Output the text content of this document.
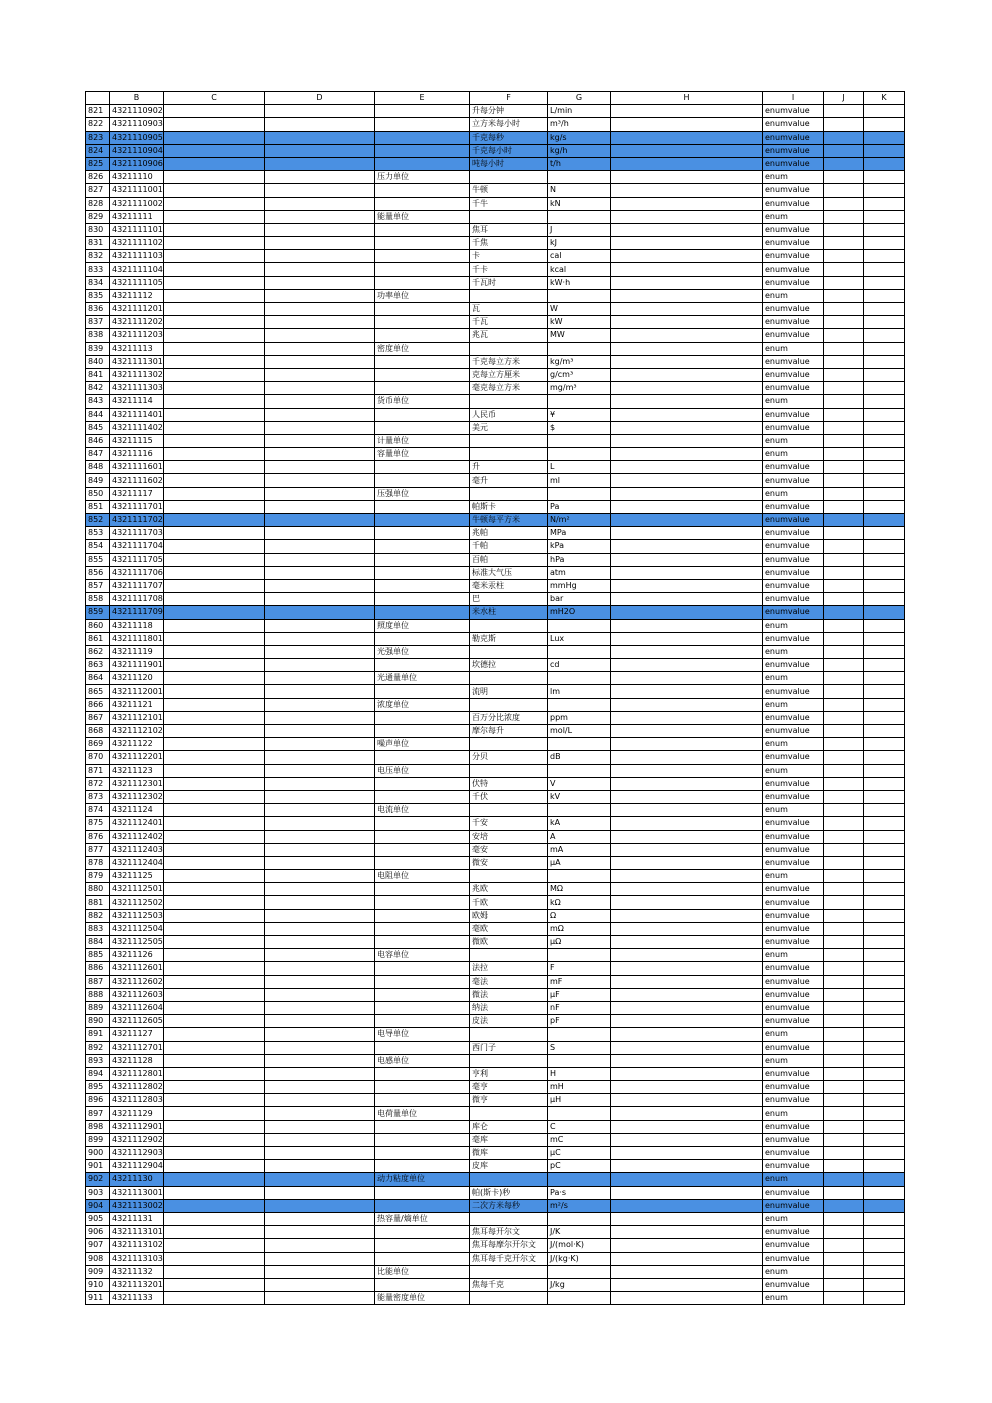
	B	C	D	E	F	G	H	I	J	K
821	4321110902				升每分钟	L/min		enumvalue		
822	4321110903				立方米每小时	m³/h		enumvalue		
823	4321110905				千克每秒	kg/s		enumvalue		
824	4321110904				千克每小时	kg/h		enumvalue		
825	4321110906				吨每小时	t/h		enumvalue		
826	43211110			压力单位				enum		
827	4321111001				牛顿	N		enumvalue		
828	4321111002				千牛	kN		enumvalue		
829	43211111			能量单位				enum		
830	4321111101				焦耳	J		enumvalue		
831	4321111102				千焦	kJ		enumvalue		
832	4321111103				卡	cal		enumvalue		
833	4321111104				千卡	kcal		enumvalue		
834	4321111105				千瓦时	kW·h		enumvalue		
835	43211112			功率单位				enum		
836	4321111201				瓦	W		enumvalue		
837	4321111202				千瓦	kW		enumvalue		
838	4321111203				兆瓦	MW		enumvalue		
839	43211113			密度单位				enum		
840	4321111301				千克每立方米	kg/m³		enumvalue		
841	4321111302				克每立方厘米	g/cm³		enumvalue		
842	4321111303				毫克每立方米	mg/m³		enumvalue		
843	43211114			货币单位				enum		
844	4321111401				人民币	¥		enumvalue		
845	4321111402				美元	$		enumvalue		
846	43211115			计量单位				enum		
847	43211116			容量单位				enum		
848	4321111601				升	L		enumvalue		
849	4321111602				毫升	ml		enumvalue		
850	43211117			压强单位				enum		
851	4321111701				帕斯卡	Pa		enumvalue		
852	4321111702				牛顿每平方米	N/m²		enumvalue		
853	4321111703				兆帕	MPa		enumvalue		
854	4321111704				千帕	kPa		enumvalue		
855	4321111705				百帕	hPa		enumvalue		
856	4321111706				标准大气压	atm		enumvalue		
857	4321111707				毫米汞柱	mmHg		enumvalue		
858	4321111708				巴	bar		enumvalue		
859	4321111709				米水柱	mH2O		enumvalue		
860	43211118			照度单位				enum		
861	4321111801				勒克斯	Lux		enumvalue		
862	43211119			光强单位				enum		
863	4321111901				坎德拉	cd		enumvalue		
864	43211120			光通量单位				enum		
865	4321112001				流明	lm		enumvalue		
866	43211121			浓度单位				enum		
867	4321112101				百万分比浓度	ppm		enumvalue		
868	4321112102				摩尔每升	mol/L		enumvalue		
869	43211122			噪声单位				enum		
870	4321112201				分贝	dB		enumvalue		
871	43211123			电压单位				enum		
872	4321112301				伏特	V		enumvalue		
873	4321112302				千伏	kV		enumvalue		
874	43211124			电流单位				enum		
875	4321112401				千安	kA		enumvalue		
876	4321112402				安培	A		enumvalue		
877	4321112403				毫安	mA		enumvalue		
878	4321112404				微安	μA		enumvalue		
879	43211125			电阻单位				enum		
880	4321112501				兆欧	MΩ		enumvalue		
881	4321112502				千欧	kΩ		enumvalue		
882	4321112503				欧姆	Ω		enumvalue		
883	4321112504				毫欧	mΩ		enumvalue		
884	4321112505				微欧	μΩ		enumvalue		
885	43211126			电容单位				enum		
886	4321112601				法拉	F		enumvalue		
887	4321112602				毫法	mF		enumvalue		
888	4321112603				微法	μF		enumvalue		
889	4321112604				纳法	nF		enumvalue		
890	4321112605				皮法	pF		enumvalue		
891	43211127			电导单位				enum		
892	4321112701				西门子	S		enumvalue		
893	43211128			电感单位				enum		
894	4321112801				亨利	H		enumvalue		
895	4321112802				毫亨	mH		enumvalue		
896	4321112803				微亨	μH		enumvalue		
897	43211129			电荷量单位				enum		
898	4321112901				库仑	C		enumvalue		
899	4321112902				毫库	mC		enumvalue		
900	4321112903				微库	μC		enumvalue		
901	4321112904				皮库	pC		enumvalue		
902	43211130			动力粘度单位				enum		
903	4321113001				帕(斯卡)秒	Pa·s		enumvalue		
904	4321113002				二次方米每秒	m²/s		enumvalue		
905	43211131			热容量/熵单位				enum		
906	4321113101				焦耳每开尔文	J/K		enumvalue		
907	4321113102				焦耳每摩尔开尔文	J/(mol·K)		enumvalue		
908	4321113103				焦耳每千克开尔文	J/(kg·K)		enumvalue		
909	43211132			比能单位				enum		
910	4321113201				焦每千克	J/kg		enumvalue		
911	43211133			能量密度单位				enum		
